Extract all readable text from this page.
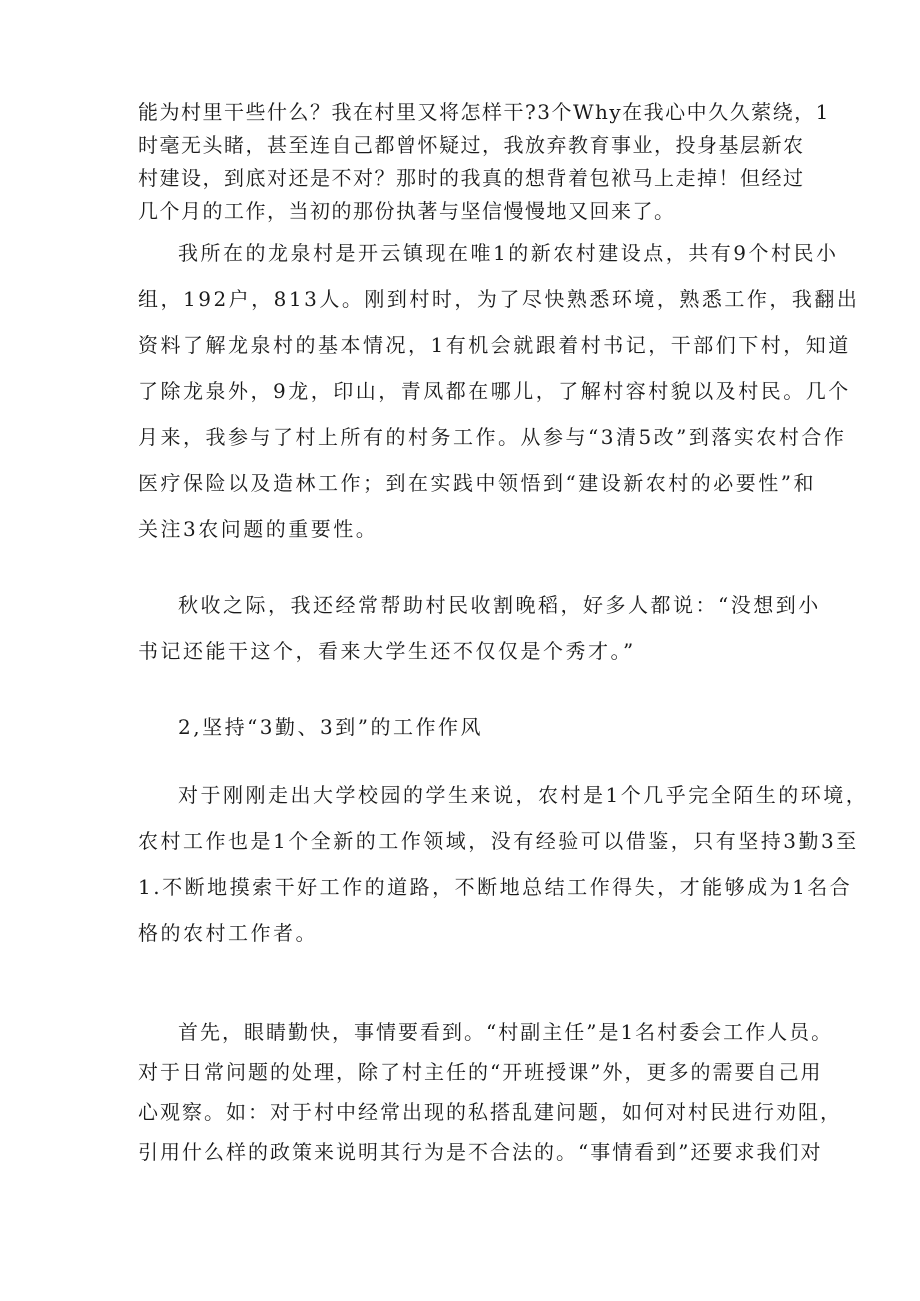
能为村里干些什么？我在村里又将怎样干?3个Why在我心中久久萦绕，1
时毫无头睹，甚至连自己都曾怀疑过，我放弃教育事业，投身基层新农
村建设，到底对还是不对？那时的我真的想背着包袱马上走掉！但经过
几个月的工作，当初的那份执著与坚信慢慢地又回来了。
我所在的龙泉村是开云镇现在唯1的新农村建设点，共有9个村民小
组，192户，813人。刚到村时，为了尽快熟悉环境，熟悉工作，我翻出
资料了解龙泉村的基本情况，1有机会就跟着村书记，干部们下村，知道
了除龙泉外，9龙，印山，青凤都在哪儿，了解村容村貌以及村民。几个
月来，我参与了村上所有的村务工作。从参与“3清5改”到落实农村合作
医疗保险以及造林工作；到在实践中领悟到“建设新农村的必要性”和
关注3农问题的重要性。
秋收之际，我还经常帮助村民收割晚稻，好多人都说：“没想到小
书记还能干这个，看来大学生还不仅仅是个秀才。”
2,坚持“3勤、3到”的工作作风
对于刚刚走出大学校园的学生来说，农村是1个几乎完全陌生的环境，
农村工作也是1个全新的工作领域，没有经验可以借鉴，只有坚持3勤3至
1.不断地摸索干好工作的道路，不断地总结工作得失，才能够成为1名合
格的农村工作者。
首先，眼睛勤快，事情要看到。“村副主任”是1名村委会工作人员。
对于日常问题的处理，除了村主任的“开班授课”外，更多的需要自己用
心观察。如：对于村中经常出现的私搭乱建问题，如何对村民进行劝阻，
引用什么样的政策来说明其行为是不合法的。“事情看到”还要求我们对
